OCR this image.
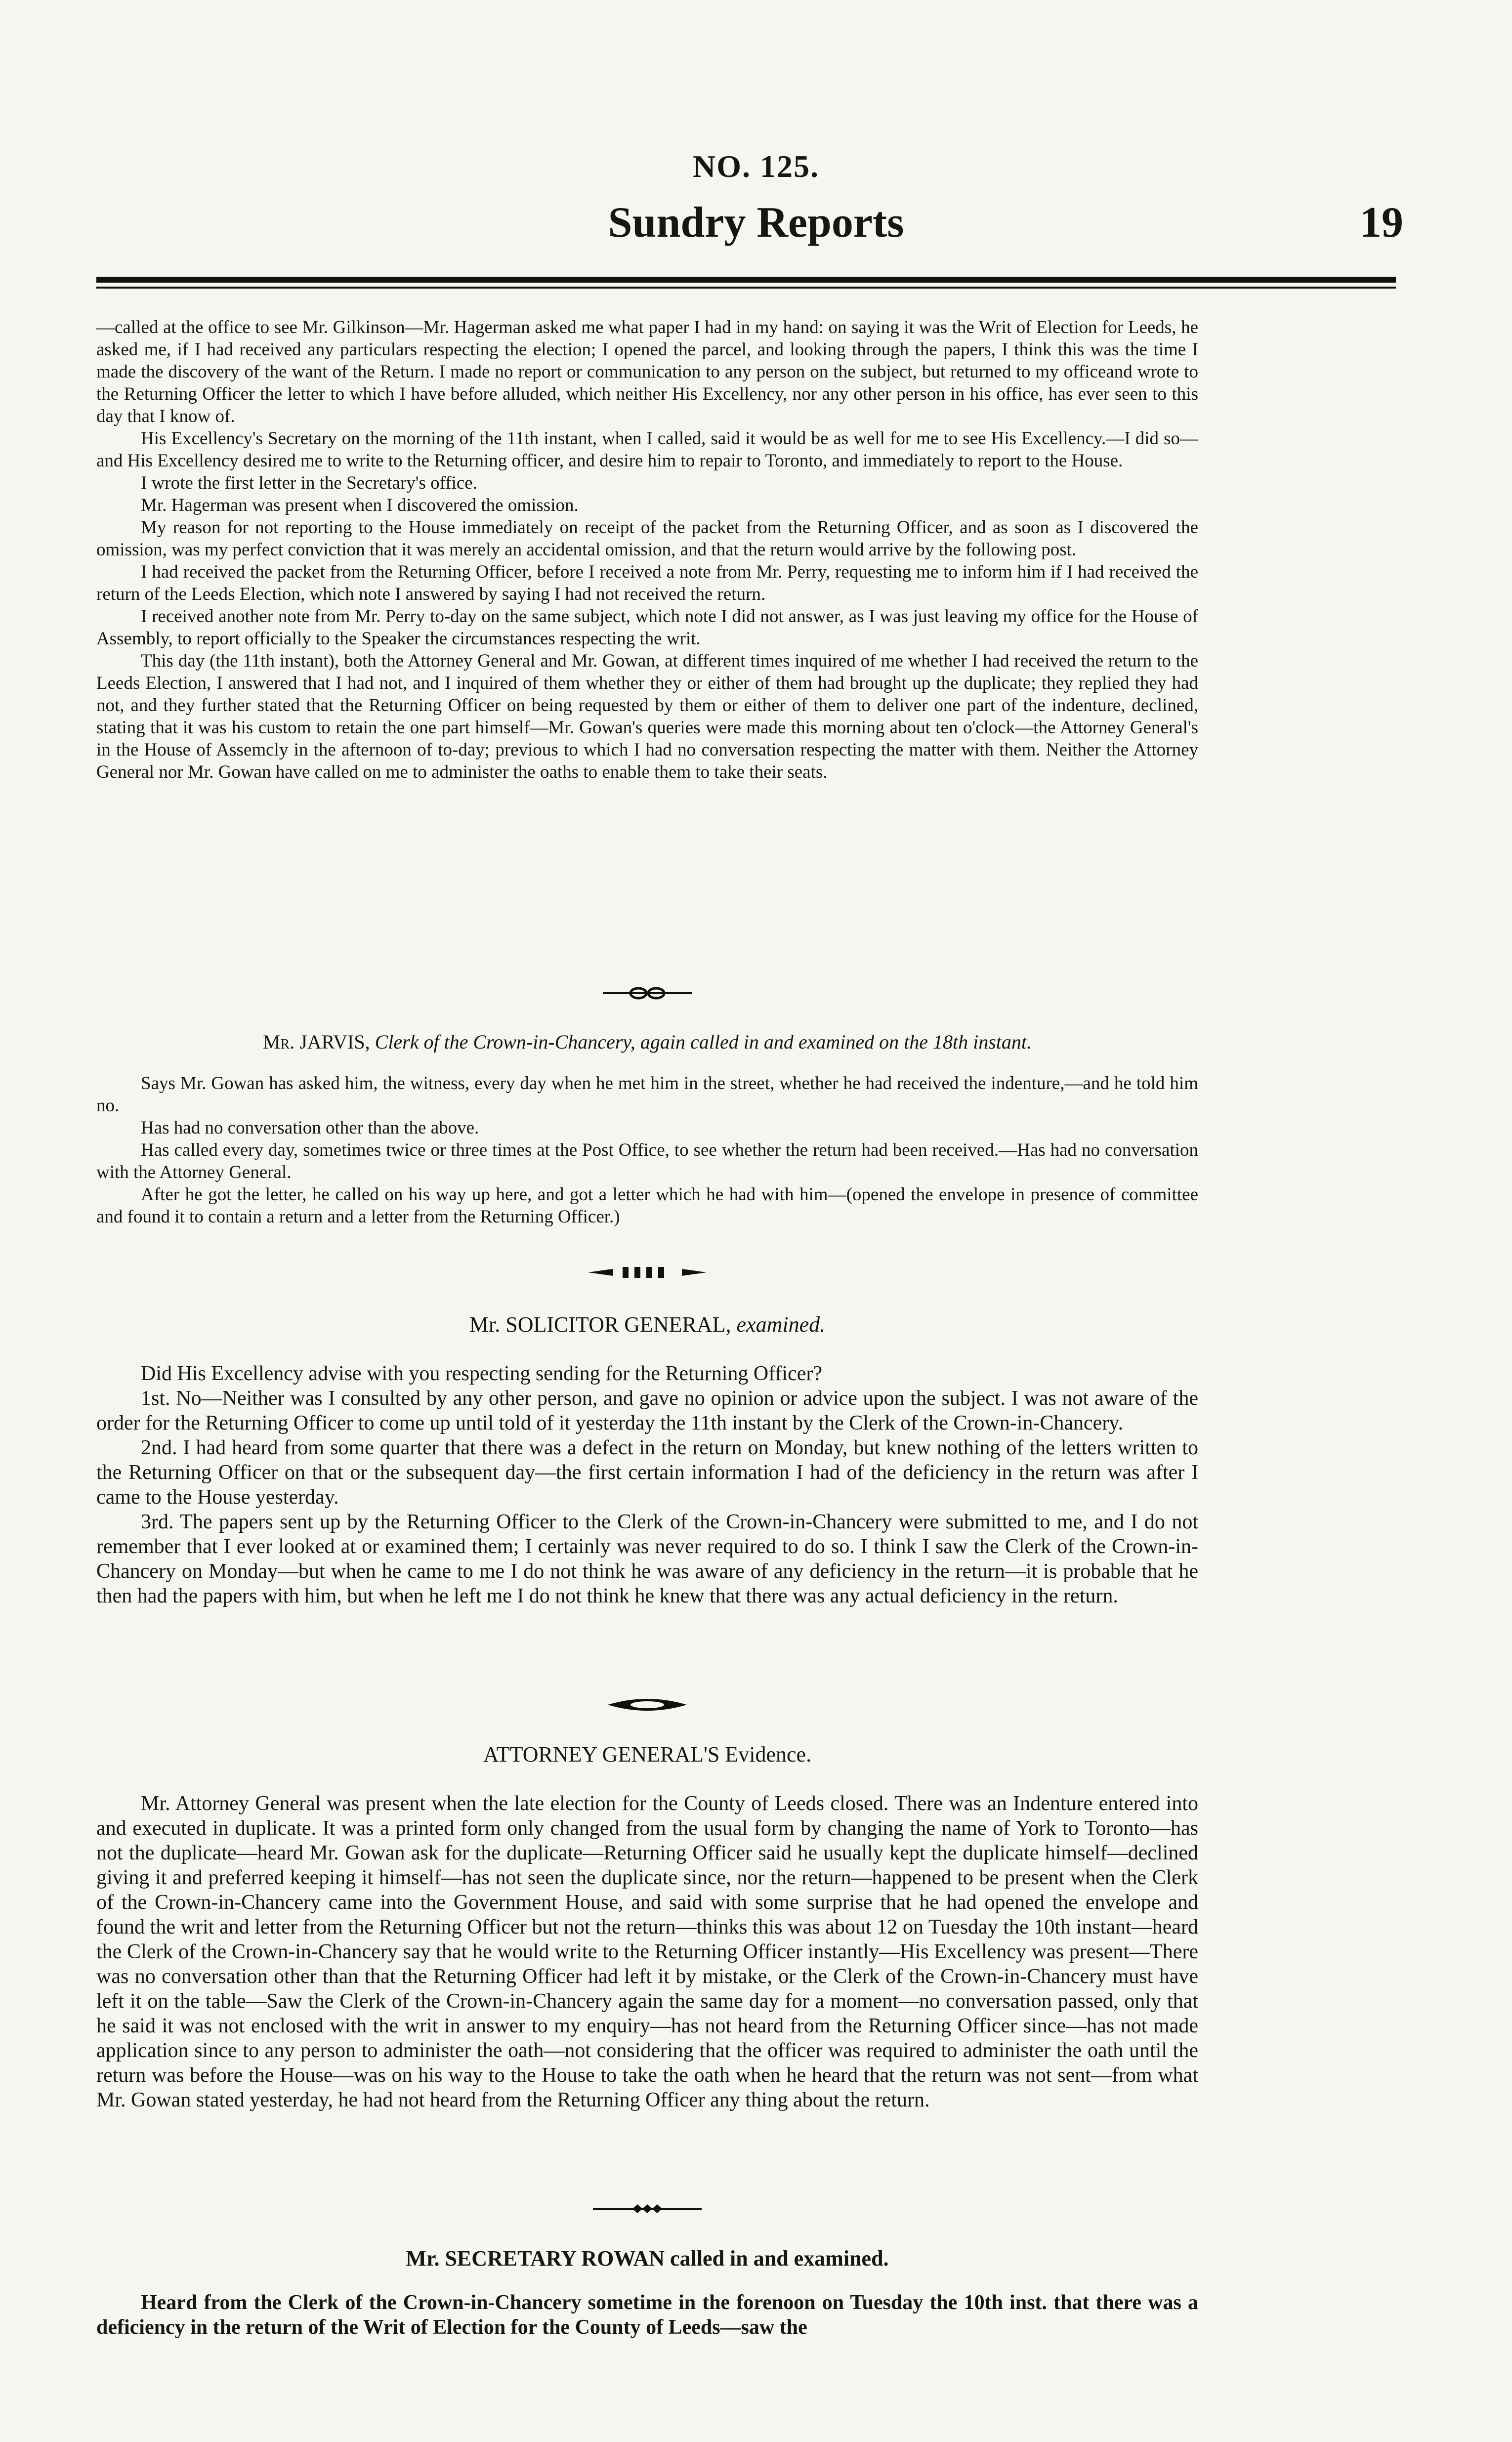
NO. 125.
Sundry Reports	19

—called at the office to see Mr. Gilkinson—Mr. Hagerman asked me what paper I had in my hand: on saying it was the Writ of Election for Leeds, he asked me, if I had received any particulars respecting the election; I opened the parcel, and looking through the papers, I think this was the time I made the discovery of the want of the Return. I made no report or communication to any person on the subject, but returned to my officeand wrote to the Returning Officer the letter to which I have before alluded, which neither His Excellency, nor any other person in his office, has ever seen to this day that I know of.

His Excellency's Secretary on the morning of the 11th instant, when I called, said it would be as well for me to see His Excellency.—I did so—and His Excellency desired me to write to the Returning officer, and desire him to repair to Toronto, and immediately to report to the House.

I wrote the first letter in the Secretary's office.

Mr. Hagerman was present when I discovered the omission.

My reason for not reporting to the House immediately on receipt of the packet from the Returning Officer, and as soon as I discovered the omission, was my perfect conviction that it was merely an accidental omission, and that the return would arrive by the following post.

I had received the packet from the Returning Officer, before I received a note from Mr. Perry, requesting me to inform him if I had received the return of the Leeds Election, which note I answered by saying I had not received the return.

I received another note from Mr. Perry to-day on the same subject, which note I did not answer, as I was just leaving my office for the House of Assembly, to report officially to the Speaker the circumstances respecting the writ.

This day (the 11th instant), both the Attorney General and Mr. Gowan, at different times inquired of me whether I had received the return to the Leeds Election, I answered that I had not, and I inquired of them whether they or either of them had brought up the duplicate; they replied they had not, and they further stated that the Returning Officer on being requested by them or either of them to deliver one part of the indenture, declined, stating that it was his custom to retain the one part himself—Mr. Gowan's queries were made this morning about ten o'clock—the Attorney General's in the House of Assemcly in the afternoon of to-day; previous to which I had no conversation respecting the matter with them. Neither the Attorney General nor Mr. Gowan have called on me to administer the oaths to enable them to take their seats.

Mr. JARVIS, Clerk of the Crown-in-Chancery, again called in and examined on the 18th instant.

Says Mr. Gowan has asked him, the witness, every day when he met him in the street, whether he had received the indenture,—and he told him no.

Has had no conversation other than the above.

Has called every day, sometimes twice or three times at the Post Office, to see whether the return had been received.—Has had no conversation with the Attorney General.

After he got the letter, he called on his way up here, and got a letter which he had with him—(opened the envelope in presence of committee and found it to contain a return and a letter from the Returning Officer.)

Mr. SOLICITOR GENERAL, examined.

Did His Excellency advise with you respecting sending for the Returning Officer?

1st. No—Neither was I consulted by any other person, and gave no opinion or advice upon the subject. I was not aware of the order for the Returning Officer to come up until told of it yesterday the 11th instant by the Clerk of the Crown-in-Chancery.

2nd. I had heard from some quarter that there was a defect in the return on Monday, but knew nothing of the letters written to the Returning Officer on that or the subsequent day—the first certain information I had of the deficiency in the return was after I came to the House yesterday.

3rd. The papers sent up by the Returning Officer to the Clerk of the Crown-in-Chancery were submitted to me, and I do not remember that I ever looked at or examined them; I certainly was never required to do so. I think I saw the Clerk of the Crown-in-Chancery on Monday—but when he came to me I do not think he was aware of any deficiency in the return—it is probable that he then had the papers with him, but when he left me I do not think he knew that there was any actual deficiency in the return.

ATTORNEY GENERAL'S Evidence.

Mr. Attorney General was present when the late election for the County of Leeds closed. There was an Indenture entered into and executed in duplicate. It was a printed form only changed from the usual form by changing the name of York to Toronto—has not the duplicate—heard Mr. Gowan ask for the duplicate—Returning Officer said he usually kept the duplicate himself—declined giving it and preferred keeping it himself—has not seen the duplicate since, nor the return—happened to be present when the Clerk of the Crown-in-Chancery came into the Government House, and said with some surprise that he had opened the envelope and found the writ and letter from the Returning Officer but not the return—thinks this was about 12 on Tuesday the 10th instant—heard the Clerk of the Crown-in-Chancery say that he would write to the Returning Officer instantly—His Excellency was present—There was no conversation other than that the Returning Officer had left it by mistake, or the Clerk of the Crown-in-Chancery must have left it on the table—Saw the Clerk of the Crown-in-Chancery again the same day for a moment—no conversation passed, only that he said it was not enclosed with the writ in answer to my enquiry—has not heard from the Returning Officer since—has not made application since to any person to administer the oath—not considering that the officer was required to administer the oath until the return was before the House—was on his way to the House to take the oath when he heard that the return was not sent—from what Mr. Gowan stated yesterday, he had not heard from the Returning Officer any thing about the return.

Mr. SECRETARY ROWAN called in and examined.

Heard from the Clerk of the Crown-in-Chancery sometime in the forenoon on Tuesday the 10th inst. that there was a deficiency in the return of the Writ of Election for the County of Leeds—saw the
